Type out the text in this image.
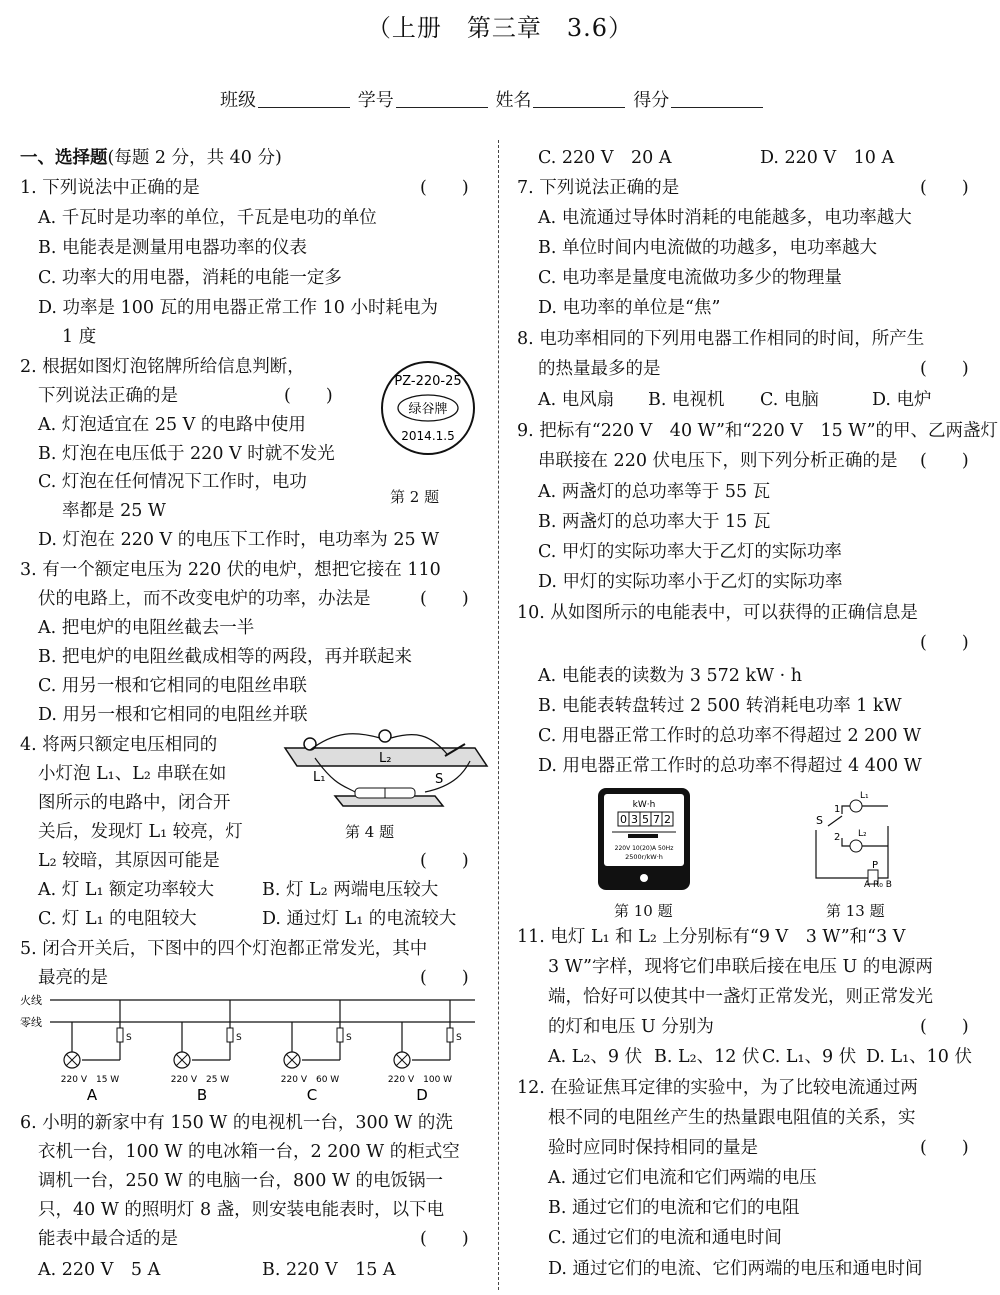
（上册　第三章　3.6）
班级	学号	姓名	得分
一、选择题(每题 2 分，共 40 分)
1. 下列说法中正确的是	(　　)
A. 千瓦时是功率的单位，千瓦是电功的单位
B. 电能表是测量用电器功率的仪表
C. 功率大的用电器，消耗的电能一定多
D. 功率是 100 瓦的用电器正常工作 10 小时耗电为
1 度
2. 根据如图灯泡铭牌所给信息判断，
下列说法正确的是	(　　)
A. 灯泡适宜在 25 V 的电路中使用
B. 灯泡在电压低于 220 V 时就不发光
C. 灯泡在任何情况下工作时，电功
率都是 25 W
D. 灯泡在 220 V 的电压下工作时，电功率为 25 W
PZ-220-25
绿谷牌
2014.1.5
第 2 题
3. 有一个额定电压为 220 伏的电炉，想把它接在 110
伏的电路上，而不改变电炉的功率，办法是	(　　)
A. 把电炉的电阻丝截去一半
B. 把电炉的电阻丝截成相等的两段，再并联起来
C. 用另一根和它相同的电阻丝串联
D. 用另一根和它相同的电阻丝并联
4. 将两只额定电压相同的
小灯泡 L₁、L₂ 串联在如
图所示的电路中，闭合开
关后，发现灯 L₁ 较亮，灯
L₂ 较暗，其原因可能是	(　　)
A. 灯 L₁ 额定功率较大	B. 灯 L₂ 两端电压较大
C. 灯 L₁ 的电阻较大	D. 通过灯 L₁ 的电流较大
L₁
L₂
S
第 4 题
5. 闭合开关后，下图中的四个灯泡都正常发光，其中
最亮的是	(　　)
火线
零线
S
220 V　15 W
A
S
220 V　25 W
B
S
220 V　60 W
C
S
220 V　100 W
D
6. 小明的新家中有 150 W 的电视机一台，300 W 的洗
衣机一台，100 W 的电冰箱一台，2 200 W 的柜式空
调机一台，250 W 的电脑一台，800 W 的电饭锅一
只，40 W 的照明灯 8 盏，则安装电能表时，以下电
能表中最合适的是	(　　)
A. 220 V　5 A	B. 220 V　15 A
C. 220 V　20 A	D. 220 V　10 A
7. 下列说法正确的是	(　　)
A. 电流通过导体时消耗的电能越多，电功率越大
B. 单位时间内电流做的功越多，电功率越大
C. 电功率是量度电流做功多少的物理量
D. 电功率的单位是“焦”
8. 电功率相同的下列用电器工作相同的时间，所产生
的热量最多的是	(　　)
A. 电风扇 B. 电视机 C. 电脑	D. 电炉
9. 把标有“220 V　40 W”和“220 V　15 W”的甲、乙两盏灯
串联接在 220 伏电压下，则下列分析正确的是 (　　)
A. 两盏灯的总功率等于 55 瓦
B. 两盏灯的总功率大于 15 瓦
C. 甲灯的实际功率大于乙灯的实际功率
D. 甲灯的实际功率小于乙灯的实际功率
10. 从如图所示的电能表中，可以获得的正确信息是
(　　)
A. 电能表的读数为 3 572 kW · h
B. 电能表转盘转过 2 500 转消耗电功率 1 kW
C. 用电器正常工作时的总功率不得超过 2 200 W
D. 用电器正常工作时的总功率不得超过 4 400 W
kW·h
0 3 5 7 2
220V 10(20)A 50Hz
2500r/kW·h
第 10 题
S
1
2
L₁
L₂
P
A R₀ B
第 13 题
11. 电灯 L₁ 和 L₂ 上分别标有“9 V　3 W”和“3 V
3 W”字样，现将它们串联后接在电压 U 的电源两
端，恰好可以使其中一盏灯正常发光，则正常发光
的灯和电压 U 分别为	(　　)
A. L₂、9 伏 B. L₂、12 伏 C. L₁、9 伏 D. L₁、10 伏
12. 在验证焦耳定律的实验中，为了比较电流通过两
根不同的电阻丝产生的热量跟电阻值的关系，实
验时应同时保持相同的量是	(　　)
A. 通过它们电流和它们两端的电压
B. 通过它们的电流和它们的电阻
C. 通过它们的电流和通电时间
D. 通过它们的电流、它们两端的电压和通电时间
